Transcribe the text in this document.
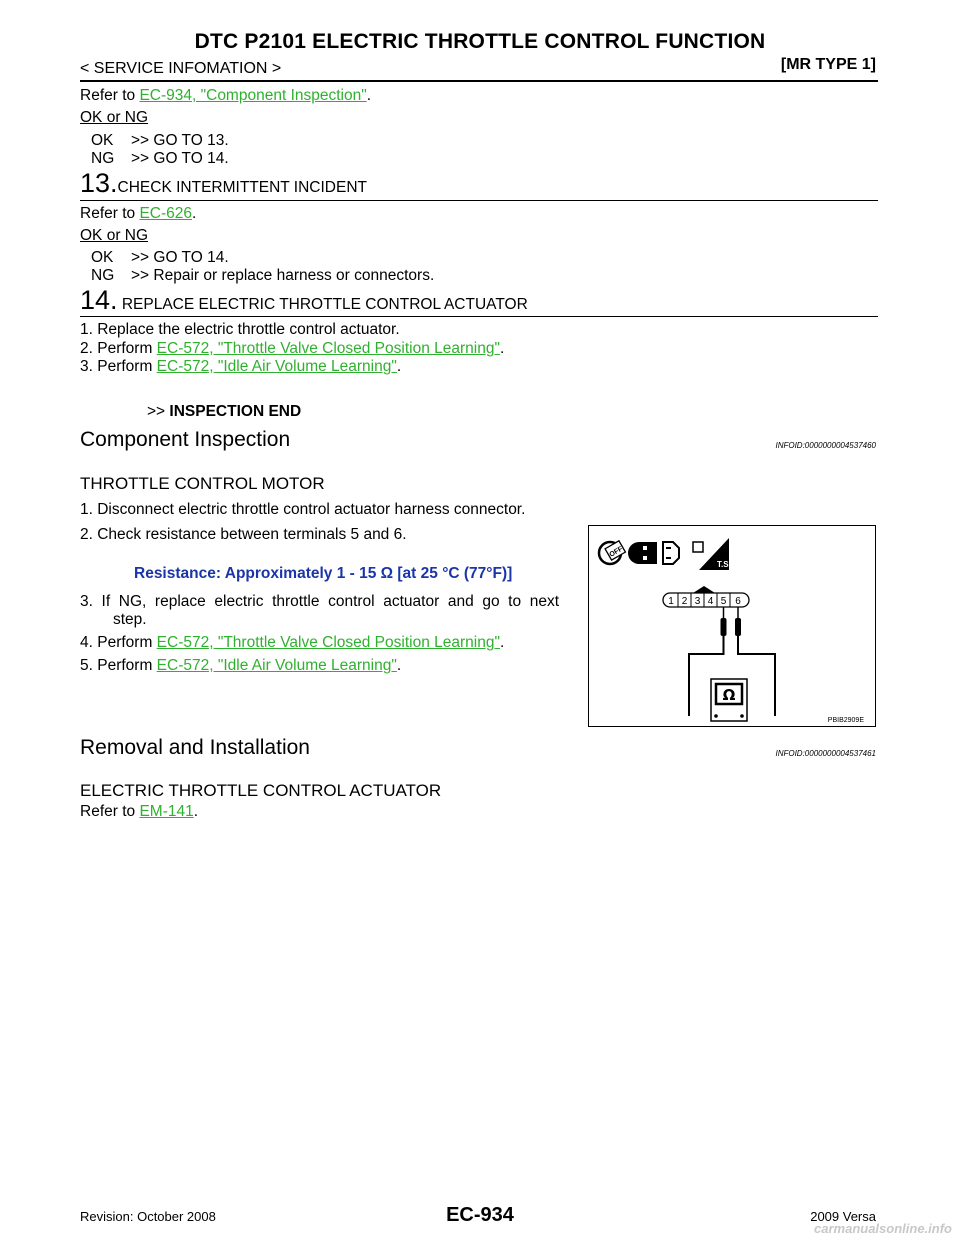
DTC P2101 ELECTRIC THROTTLE CONTROL FUNCTION
< SERVICE INFOMATION >	[MR TYPE 1]
Refer to EC-934, "Component Inspection".
OK or NG
OK >> GO TO 13.
NG >> GO TO 14.
13.CHECK INTERMITTENT INCIDENT
Refer to EC-626.
OK or NG
OK >> GO TO 14.
NG >> Repair or replace harness or connectors.
14. REPLACE ELECTRIC THROTTLE CONTROL ACTUATOR
1. Replace the electric throttle control actuator.
2. Perform EC-572, "Throttle Valve Closed Position Learning".
3. Perform EC-572, "Idle Air Volume Learning".
>> INSPECTION END
Component Inspection	INFOID:0000000004537460
THROTTLE CONTROL MOTOR
1. Disconnect electric throttle control actuator harness connector.
2. Check resistance between terminals 5 and 6.
Resistance: Approximately 1 - 15 Ω [at 25 °C (77°F)]
3.  If  NG,  replace  electric  throttle  control  actuator  and  go  to  next
step.
4. Perform EC-572, "Throttle Valve Closed Position Learning".
5. Perform EC-572, "Idle Air Volume Learning".
OFF
T.S.
1 2 3 4 5 6
Ω
PBIB2909E
Removal and Installation	INFOID:0000000004537461
ELECTRIC THROTTLE CONTROL ACTUATOR
Refer to EM-141.
Revision: October 2008	EC-934	2009 Versa
carmanualsonline.info
